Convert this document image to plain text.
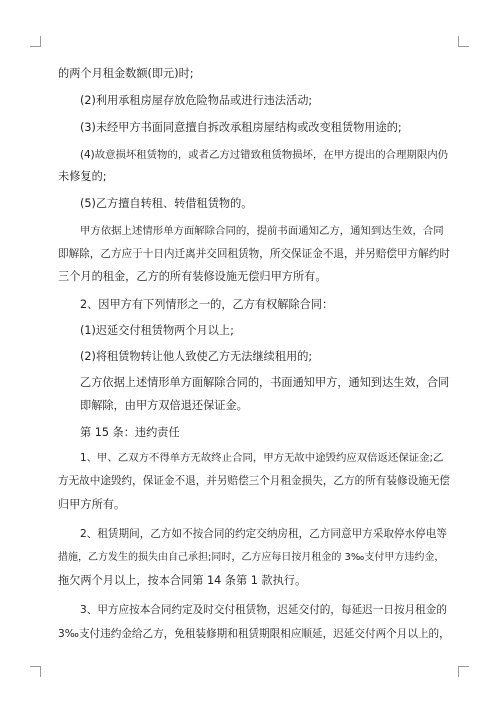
的两个月租金数额(即元)时;
(2)利用承租房屋存放危险物品或进行违法活动;
(3)未经甲方书面同意擅自拆改承租房屋结构或改变租赁物用途的;
(4)故意损坏租赁物的，或者乙方过错致租赁物损坏，在甲方提出的合理期限内仍
未修复的;
(5)乙方擅自转租、转借租赁物的。
甲方依据上述情形单方面解除合同的，提前书面通知乙方，通知到达生效，合同
即解除，乙方应于十日内迁离并交回租赁物，所交保证金不退，并另赔偿甲方解约时
三个月的租金，乙方的所有装修设施无偿归甲方所有。
2、因甲方有下列情形之一的，乙方有权解除合同：
(1)迟延交付租赁物两个月以上;
(2)将租赁物转让他人致使乙方无法继续租用的;
乙方依据上述情形单方面解除合同的，书面通知甲方，通知到达生效，合同
即解除，由甲方双倍退还保证金。
第 15 条：违约责任
1、甲、乙双方不得单方无故终止合同，甲方无故中途毁约应双倍返还保证金;乙
方无故中途毁约，保证金不退，并另赔偿三个月租金损失，乙方的所有装修设施无偿
归甲方所有。
2、租赁期间，乙方如不按合同的约定交纳房租，乙方同意甲方采取停水停电等
措施，乙方发生的损失由自己承担;同时，乙方应每日按月租金的 3‰支付甲方违约金，
拖欠两个月以上，按本合同第 14 条第 1 款执行。
3、甲方应按本合同约定及时交付租赁物，迟延交付的，每延迟一日按月租金的
3‰支付违约金给乙方，免租装修期和租赁期限相应顺延，迟延交付两个月以上的，
